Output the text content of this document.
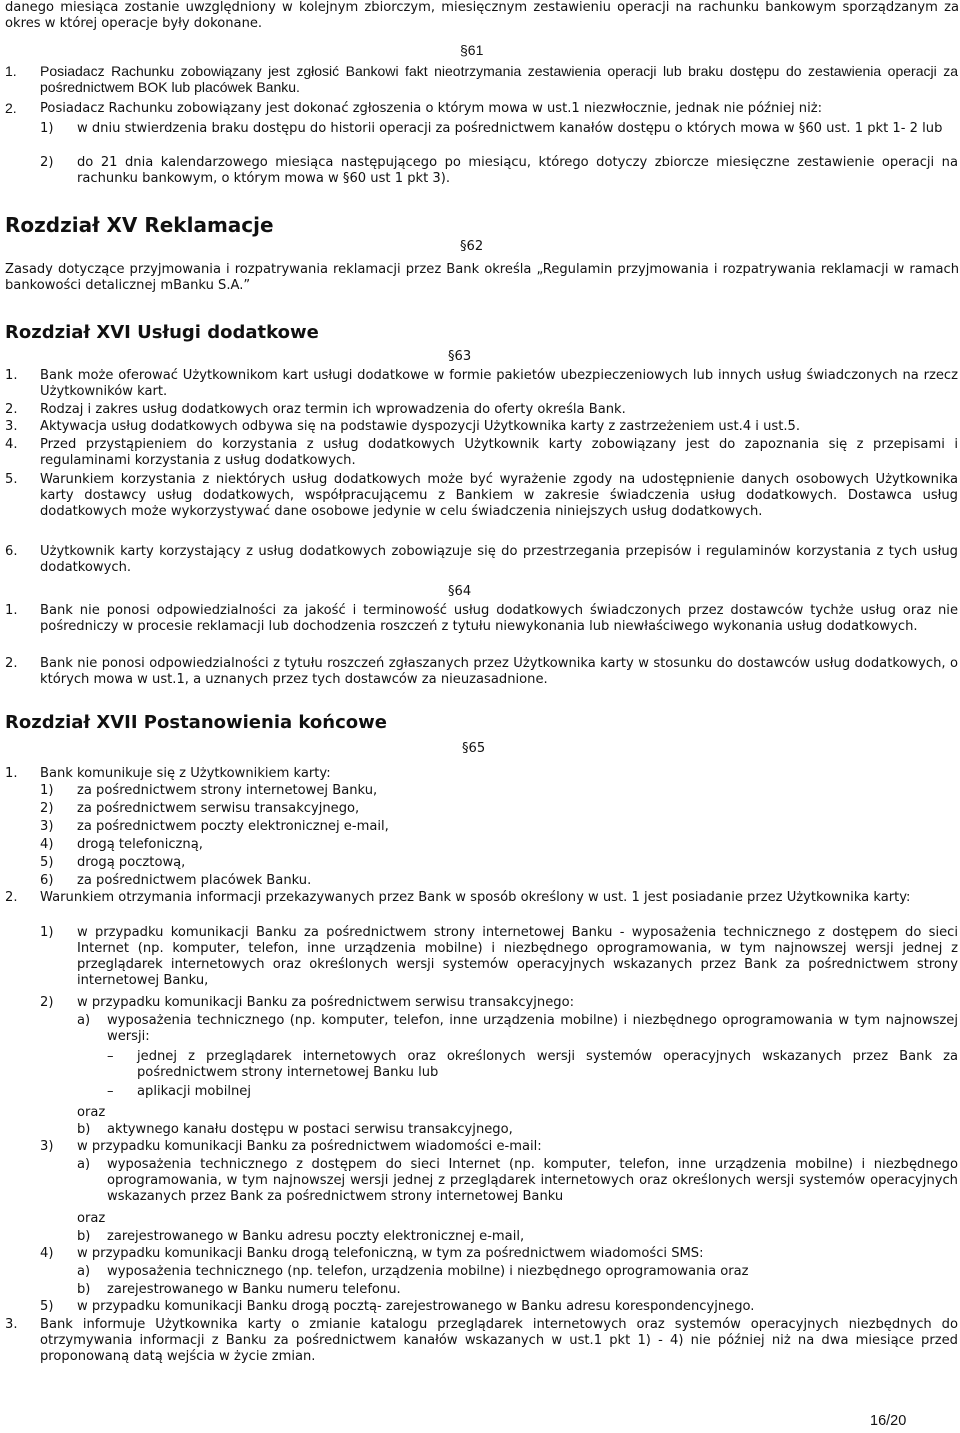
danego miesiąca zostanie uwzględniony w kolejnym zbiorczym, miesięcznym zestawieniu operacji na rachunku bankowym sporządzanym za okres w której operacje były dokonane.
§61
1. Posiadacz Rachunku zobowiązany jest zgłosić Bankowi fakt nieotrzymania zestawienia operacji lub braku dostępu do zestawienia operacji za pośrednictwem BOK lub placówek Banku.
2. Posiadacz Rachunku zobowiązany jest dokonać zgłoszenia o którym mowa w ust.1 niezwłocznie, jednak nie później niż:
1) w dniu stwierdzenia braku dostępu do historii operacji za pośrednictwem kanałów dostępu o których mowa w §60 ust. 1 pkt 1- 2 lub
2) do 21 dnia kalendarzowego miesiąca następującego po miesiącu, którego dotyczy zbiorcze miesięczne zestawienie operacji na rachunku bankowym, o którym mowa w §60 ust 1 pkt 3).
Rozdział XV Reklamacje
§62
Zasady dotyczące przyjmowania i rozpatrywania reklamacji przez Bank określa „Regulamin przyjmowania i rozpatrywania reklamacji w ramach bankowości detalicznej mBanku S.A.”
Rozdział XVI Usługi dodatkowe
§63
1. Bank może oferować Użytkownikom kart usługi dodatkowe w formie pakietów ubezpieczeniowych lub innych usług świadczonych na rzecz Użytkowników kart.
2. Rodzaj i zakres usług dodatkowych oraz termin ich wprowadzenia do oferty określa Bank.
3. Aktywacja usług dodatkowych odbywa się na podstawie dyspozycji Użytkownika karty z zastrzeżeniem ust.4 i ust.5.
4. Przed przystąpieniem do korzystania z usług dodatkowych Użytkownik karty zobowiązany jest do zapoznania się z przepisami i regulaminami korzystania z usług dodatkowych.
5. Warunkiem korzystania z niektórych usług dodatkowych może być wyrażenie zgody na udostępnienie danych osobowych Użytkownika karty dostawcy usług dodatkowych, współpracującemu z Bankiem w zakresie świadczenia usług dodatkowych. Dostawca usług dodatkowych może wykorzystywać dane osobowe jedynie w celu świadczenia niniejszych usług dodatkowych.
6. Użytkownik karty korzystający z usług dodatkowych zobowiązuje się do przestrzegania przepisów i regulaminów korzystania z tych usług dodatkowych.
§64
1. Bank nie ponosi odpowiedzialności za jakość i terminowość usług dodatkowych świadczonych przez dostawców tychże usług oraz nie pośredniczy w procesie reklamacji lub dochodzenia roszczeń z tytułu niewykonania lub niewłaściwego wykonania usług dodatkowych.
2. Bank nie ponosi odpowiedzialności z tytułu roszczeń zgłaszanych przez Użytkownika karty w stosunku do dostawców usług dodatkowych, o których mowa w ust.1, a uznanych przez tych dostawców za nieuzasadnione.
Rozdział XVII Postanowienia końcowe
§65
1. Bank komunikuje się z Użytkownikiem karty:
1) za pośrednictwem strony internetowej Banku,
2) za pośrednictwem serwisu transakcyjnego,
3) za pośrednictwem poczty elektronicznej e-mail,
4) drogą telefoniczną,
5) drogą pocztową,
6) za pośrednictwem placówek Banku.
2. Warunkiem otrzymania informacji przekazywanych przez Bank w sposób określony w ust. 1 jest posiadanie przez Użytkownika karty:
1) w przypadku komunikacji Banku za pośrednictwem strony internetowej Banku - wyposażenia technicznego z dostępem do sieci Internet (np. komputer, telefon, inne urządzenia mobilne) i niezbędnego oprogramowania, w tym najnowszej wersji jednej z przeglądarek internetowych oraz określonych wersji systemów operacyjnych wskazanych przez Bank za pośrednictwem strony internetowej Banku,
2) w przypadku komunikacji Banku za pośrednictwem serwisu transakcyjnego:
a) wyposażenia technicznego (np. komputer, telefon, inne urządzenia mobilne) i niezbędnego oprogramowania w tym najnowszej wersji:
– jednej z przeglądarek internetowych oraz określonych wersji systemów operacyjnych wskazanych przez Bank za pośrednictwem strony internetowej Banku lub
– aplikacji mobilnej
oraz
b) aktywnego kanału dostępu w postaci serwisu transakcyjnego,
3) w przypadku komunikacji Banku za pośrednictwem wiadomości e-mail:
a) wyposażenia technicznego z dostępem do sieci Internet (np. komputer, telefon, inne urządzenia mobilne) i niezbędnego oprogramowania, w tym najnowszej wersji jednej z przeglądarek internetowych oraz określonych wersji systemów operacyjnych wskazanych przez Bank za pośrednictwem strony internetowej Banku
oraz
b) zarejestrowanego w Banku adresu poczty elektronicznej e-mail,
4) w przypadku komunikacji Banku drogą telefoniczną, w tym za pośrednictwem wiadomości SMS:
a) wyposażenia technicznego (np. telefon, urządzenia mobilne) i niezbędnego oprogramowania oraz
b) zarejestrowanego w Banku numeru telefonu.
5) w przypadku komunikacji Banku drogą pocztą- zarejestrowanego w Banku adresu korespondencyjnego.
3. Bank informuje Użytkownika karty o zmianie katalogu przeglądarek internetowych oraz systemów operacyjnych niezbędnych do otrzymywania informacji z Banku za pośrednictwem kanałów wskazanych w ust.1 pkt 1) - 4) nie później niż na dwa miesiące przed proponowaną datą wejścia w życie zmian.
16/20
